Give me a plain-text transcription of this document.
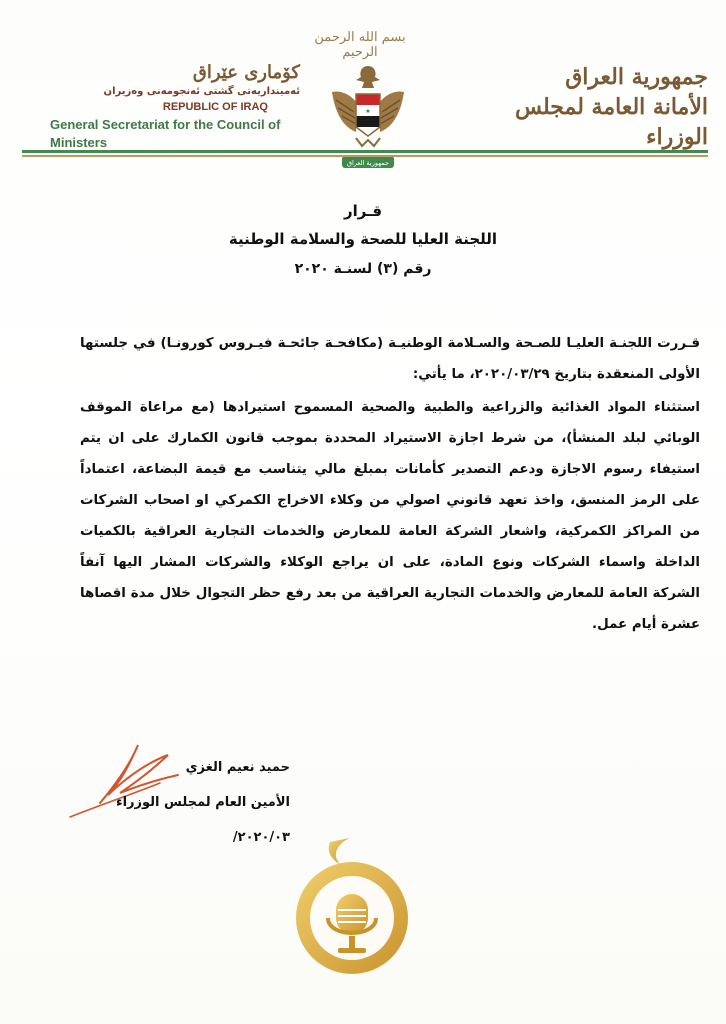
بسم الله الرحمن الرحيم
جمهورية العراق
الأمانة العامة لمجلس الوزراء
كۆماری عێراق
ئه‌مینداریه‌تی گشتی ئه‌نجومه‌نی وه‌زیران
REPUBLIC OF IRAQ
General Secretariat for the Council of Ministers
★
جمهورية العراق
قـرار
اللجنة العليا للصحة والسلامة الوطنية
رقم (٣) لسنـة ٢٠٢٠

قـررت اللجنـة العليـا للصـحة والسـلامة الوطنيـة (مكافحـة جائحـة فيـروس كورونـا) في جلستها الأولى المنعقدة بتاريخ ٢٠٢٠/٠٣/٢٩، ما يأتي:

استثناء المواد الغذائية والزراعية والطبية والصحية المسموح استيرادها (مع مراعاة الموقف الوبائي لبلد المنشأ)، من شرط اجازة الاستيراد المحددة بموجب قانون الكمارك على ان يتم استيفاء رسوم الاجازة ودعم التصدير كأمانات بمبلغ مالي يتناسب مع قيمة البضاعة، اعتماداً على الرمز المنسق، واخذ تعهد قانوني اصولي من وكلاء الاخراج الكمركي او اصحاب الشركات من المراكز الكمركية، واشعار الشركة العامة للمعارض والخدمات التجارية العراقية بالكميات الداخلة واسماء الشركات ونوع المادة، على ان يراجع الوكلاء والشركات المشار اليها آنفاً الشركة العامة للمعارض والخدمات التجارية العراقية من بعد رفع حظر التجوال خلال مدة اقصاها عشرة أيام عمل.

حميد نعيم الغزي
الأمين العام لمجلس الوزراء
٢٠٢٠/٠٣/
